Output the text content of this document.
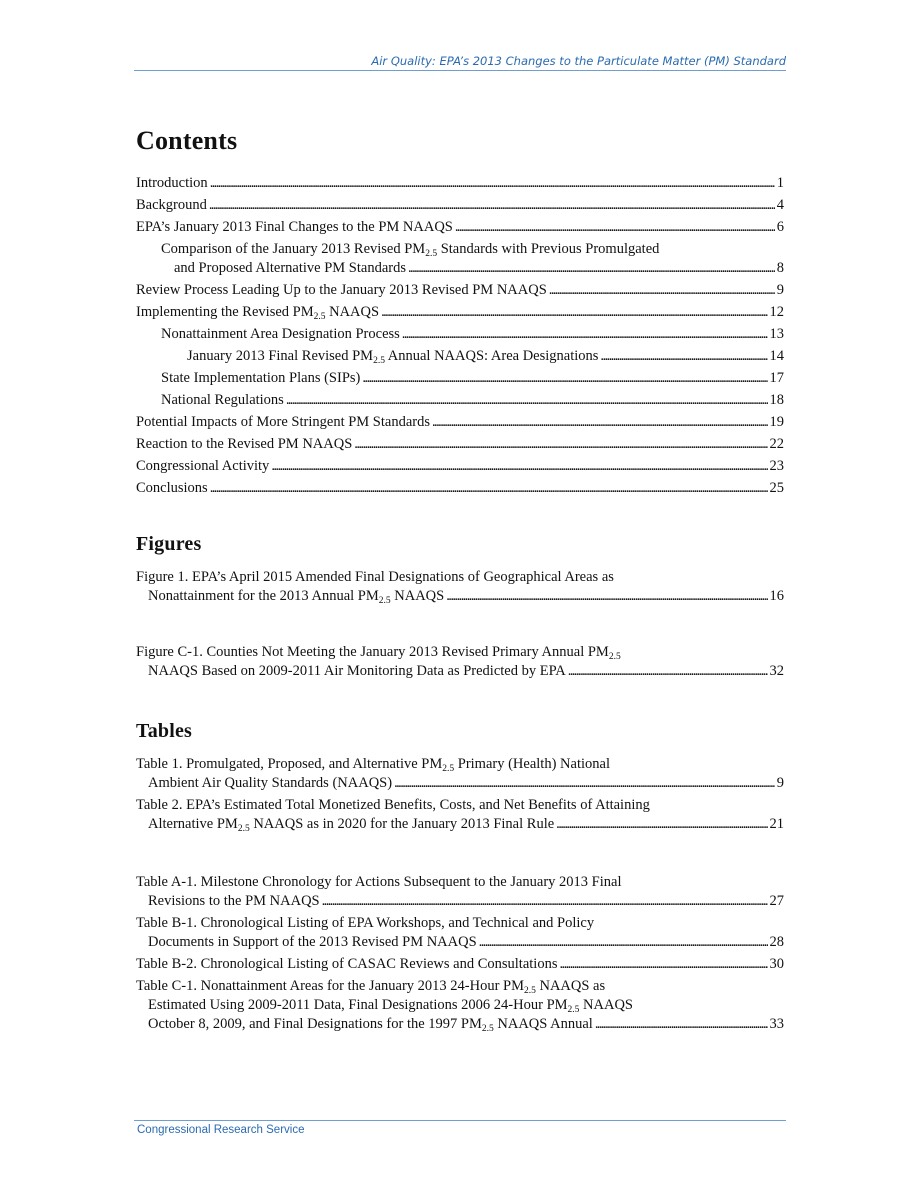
Air Quality: EPA’s 2013 Changes to the Particulate Matter (PM) Standard
Contents
Introduction . . .	1
Background . . .	4
EPA’s January 2013 Final Changes to the PM NAAQS . . .	6
Comparison of the January 2013 Revised $PM_{2.5}$ Standards with Previous Promulgated
and Proposed Alternative PM Standards . . .	8
Review Process Leading Up to the January 2013 Revised PM NAAQS . . .	9
Implementing the Revised $PM_{2.5}$ NAAQS . . .	12
Nonattainment Area Designation Process . . .	13
January 2013 Final Revised $PM_{2.5}$ Annual NAAQS: Area Designations . . .	14
State Implementation Plans (SIPs) . . .	17
National Regulations . . .	18
Potential Impacts of More Stringent PM Standards . . .	19
Reaction to the Revised PM NAAQS . . .	22
Congressional Activity . . .	23
Conclusions . . .	25
Figures
Figure 1. EPA’s April 2015 Amended Final Designations of Geographical Areas as
Nonattainment for the 2013 Annual $PM_{2.5}$ NAAQS . . .	16
Figure C-1. Counties Not Meeting the January 2013 Revised Primary Annual $PM_{2.5}$
NAAQS Based on 2009-2011 Air Monitoring Data as Predicted by EPA . . .	32
Tables
Table 1. Promulgated, Proposed, and Alternative $PM_{2.5}$ Primary (Health) National
Ambient Air Quality Standards (NAAQS) . . .	9
Table 2. EPA’s Estimated Total Monetized Benefits, Costs, and Net Benefits of Attaining
Alternative $PM_{2.5}$ NAAQS as in 2020 for the January 2013 Final Rule . . .	21
Table A-1. Milestone Chronology for Actions Subsequent to the January 2013 Final
Revisions to the PM NAAQS . . .	27
Table B-1. Chronological Listing of EPA Workshops, and Technical and Policy
Documents in Support of the 2013 Revised PM NAAQS . . .	28
Table B-2. Chronological Listing of CASAC Reviews and Consultations . . .	30
Table C-1. Nonattainment Areas for the January 2013 24-Hour $PM_{2.5}$ NAAQS as
Estimated Using 2009-2011 Data, Final Designations 2006 24-Hour $PM_{2.5}$ NAAQS
October 8, 2009, and Final Designations for the 1997 $PM_{2.5}$ NAAQS Annual . . .	33
Congressional Research Service
